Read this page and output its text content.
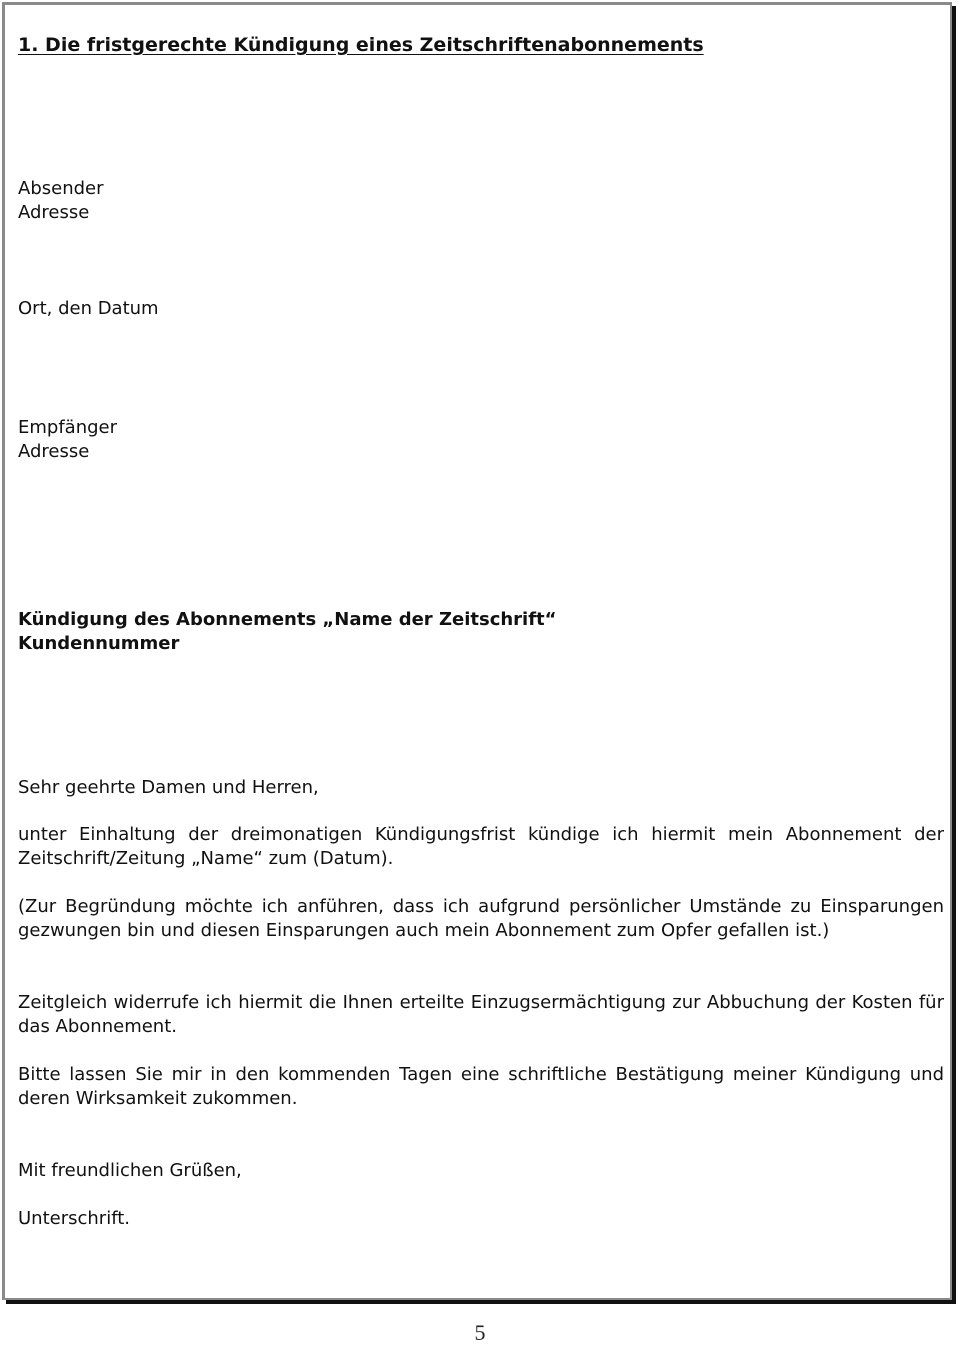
1. Die fristgerechte Kündigung eines Zeitschriftenabonnements
Absender
Adresse
Ort, den Datum
Empfänger
Adresse
Kündigung des Abonnements „Name der Zeitschrift“
Kundennummer
Sehr geehrte Damen und Herren,
unter Einhaltung der dreimonatigen Kündigungsfrist kündige ich hiermit mein Abonnement der Zeitschrift/Zeitung „Name“ zum (Datum).
(Zur Begründung möchte ich anführen, dass ich aufgrund persönlicher Umstände zu Einsparungen gezwungen bin und diesen Einsparungen auch mein Abonnement zum Opfer gefallen ist.)
Zeitgleich widerrufe ich hiermit die Ihnen erteilte Einzugsermächtigung zur Abbuchung der Kosten für das Abonnement.
Bitte lassen Sie mir in den kommenden Tagen eine schriftliche Bestätigung meiner Kündigung und deren Wirksamkeit zukommen.
Mit freundlichen Grüßen,
Unterschrift.
5
